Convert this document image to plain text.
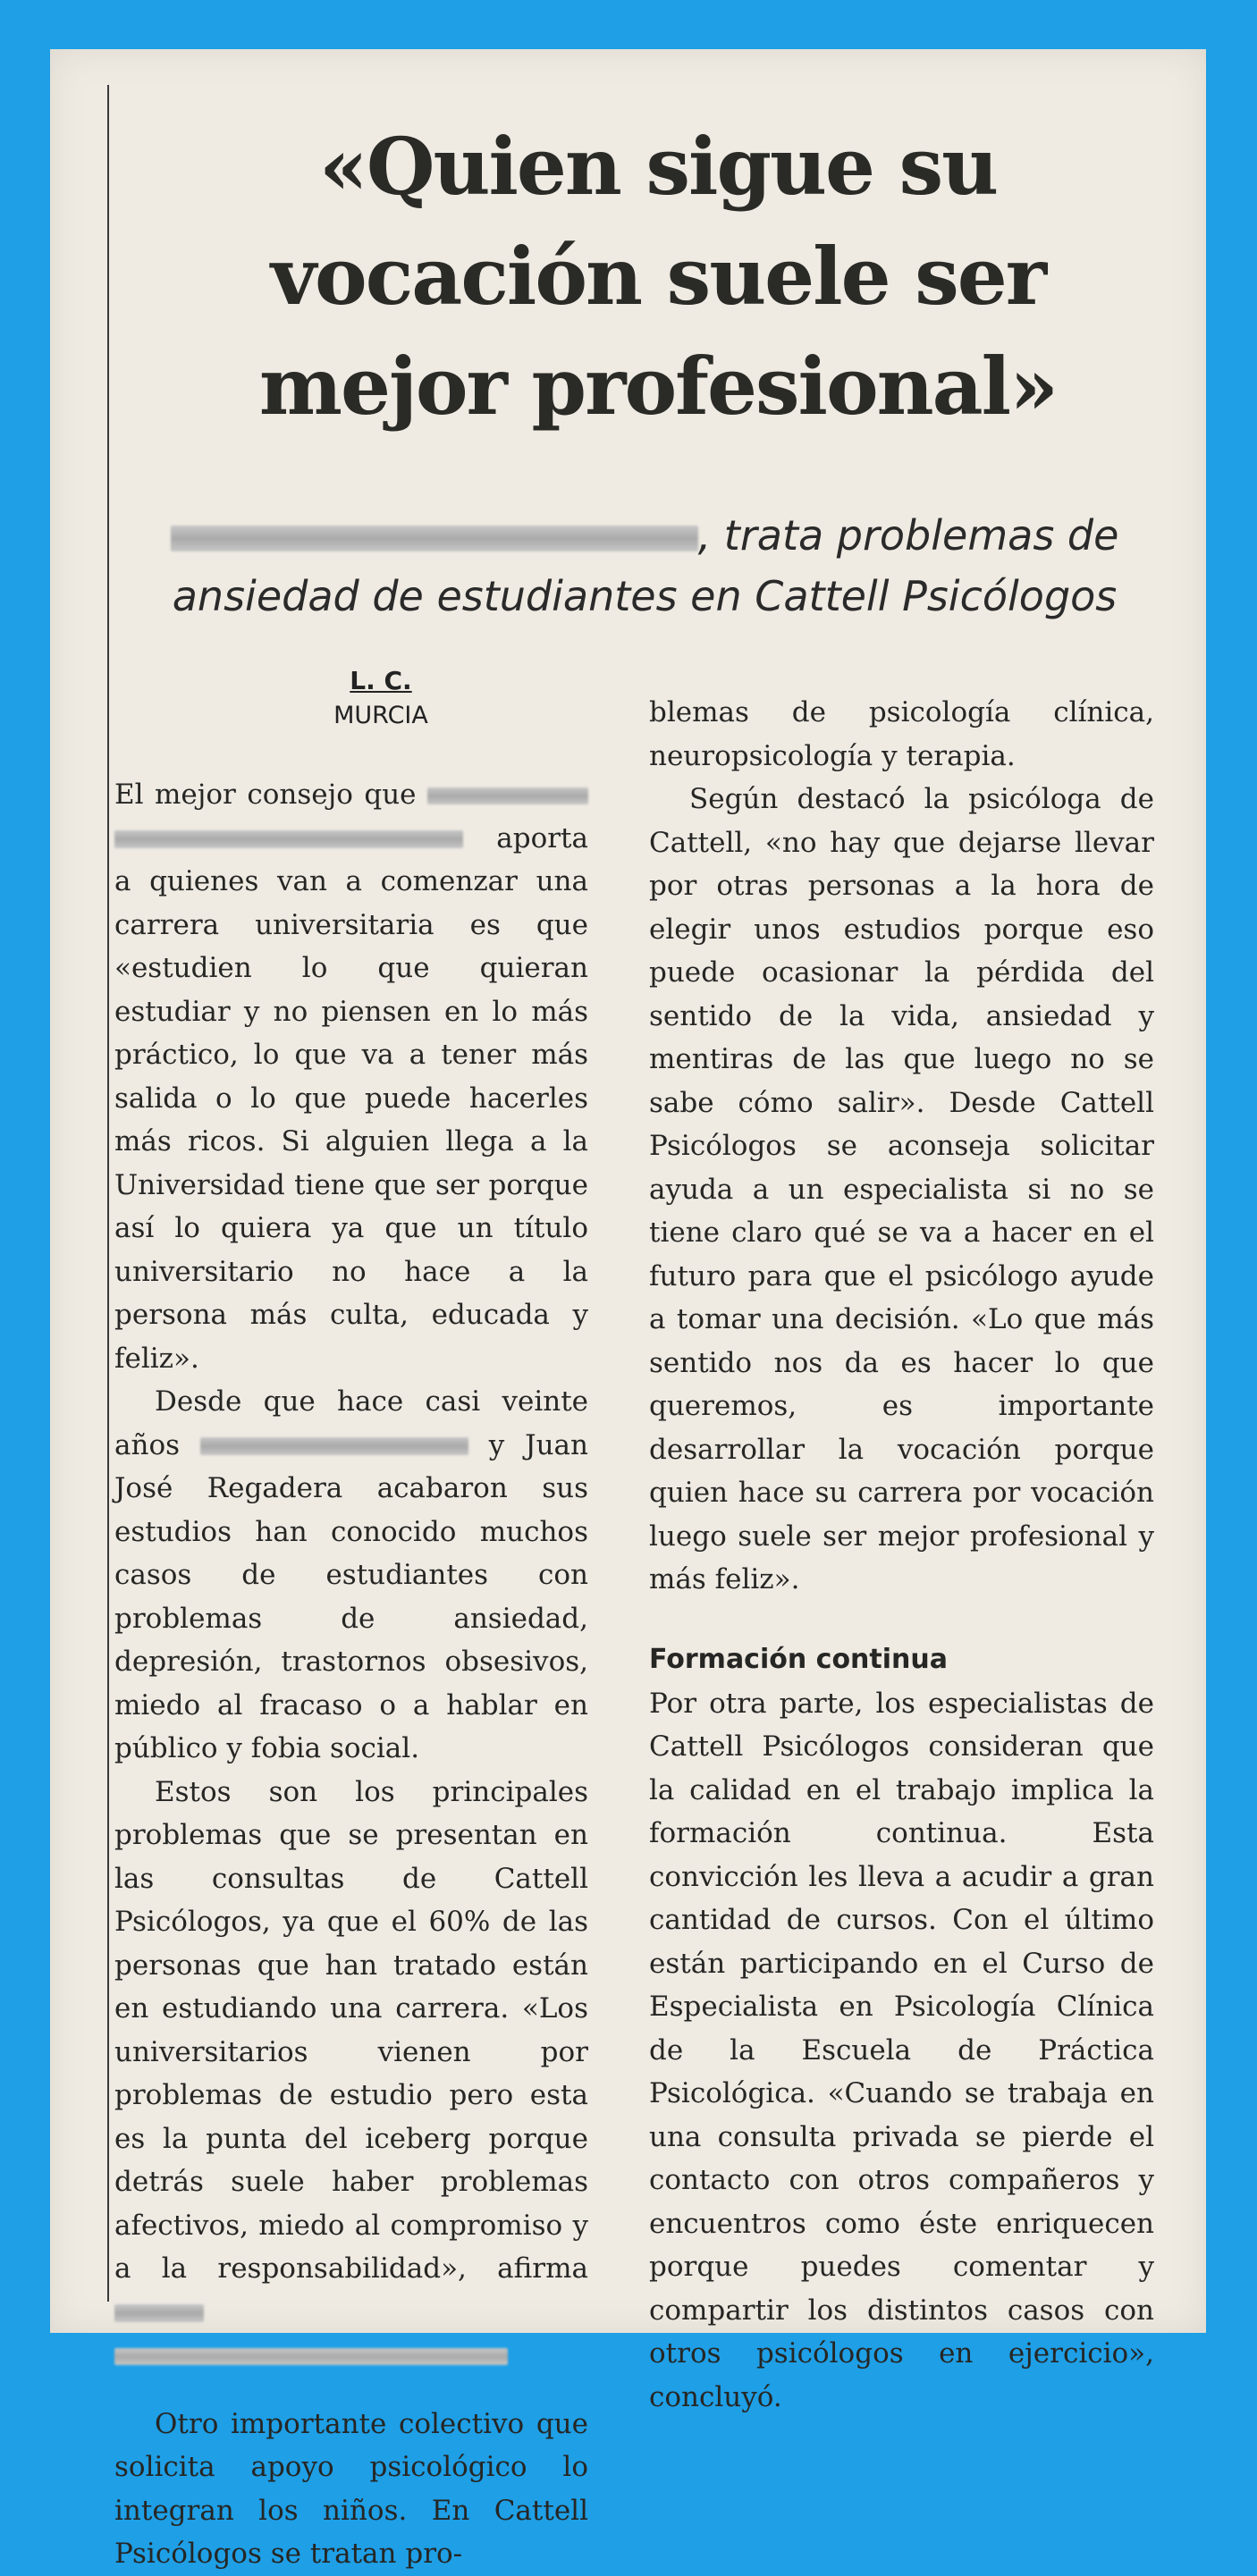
«Quien sigue su vocación suele ser mejor profesional»

, trata problemas de ansiedad de estudiantes en Cattell Psicólogos

L. C.
MURCIA

El mejor consejo que   aporta a quienes van a comenzar una carrera universitaria es que «estudien lo que quieran estudiar y no piensen en lo más práctico, lo que va a tener más salida o lo que puede hacerles más ricos. Si alguien llega a la Universidad tiene que ser porque así lo quiera ya que un título universitario no hace a la persona más culta, educada y feliz».

Desde que hace casi veinte años	y Juan José Regadera acabaron sus estudios han conocido muchos casos de estudiantes con problemas de ansiedad, depresión, trastornos obsesivos, miedo al fracaso o a hablar en público y fobia social.

Estos son los principales problemas que se presentan en las consultas de Cattell Psicólogos, ya que el 60% de las personas que han tratado están en estudiando una carrera. «Los universitarios vienen por problemas de estudio pero esta es la punta del iceberg porque detrás suele haber problemas afectivos, miedo al compromiso y a la responsabilidad», afirma

Otro importante colectivo que solicita apoyo psicológico lo integran los niños. En Cattell Psicólogos se tratan pro-

blemas de psicología clínica, neuropsicología y terapia.

Según destacó la psicóloga de Cattell, «no hay que dejarse llevar por otras personas a la hora de elegir unos estudios porque eso puede ocasionar la pérdida del sentido de la vida, ansiedad y mentiras de las que luego no se sabe cómo salir». Desde Cattell Psicólogos se aconseja solicitar ayuda a un especialista si no se tiene claro qué se va a hacer en el futuro para que el psicólogo ayude a tomar una decisión. «Lo que más sentido nos da es hacer lo que queremos, es importante desarrollar la vocación porque quien hace su carrera por vocación luego suele ser mejor profesional y más feliz».

Formación continua

Por otra parte, los especialistas de Cattell Psicólogos consideran que la calidad en el trabajo implica la formación continua. Esta convicción les lleva a acudir a gran cantidad de cursos. Con el último están participando en el Curso de Especialista en Psicología Clínica de la Escuela de Práctica Psicológica. «Cuando se trabaja en una consulta privada se pierde el contacto con otros compañeros y encuentros como éste enriquecen porque puedes comentar y compartir los distintos casos con otros psicólogos en ejercicio», concluyó.
